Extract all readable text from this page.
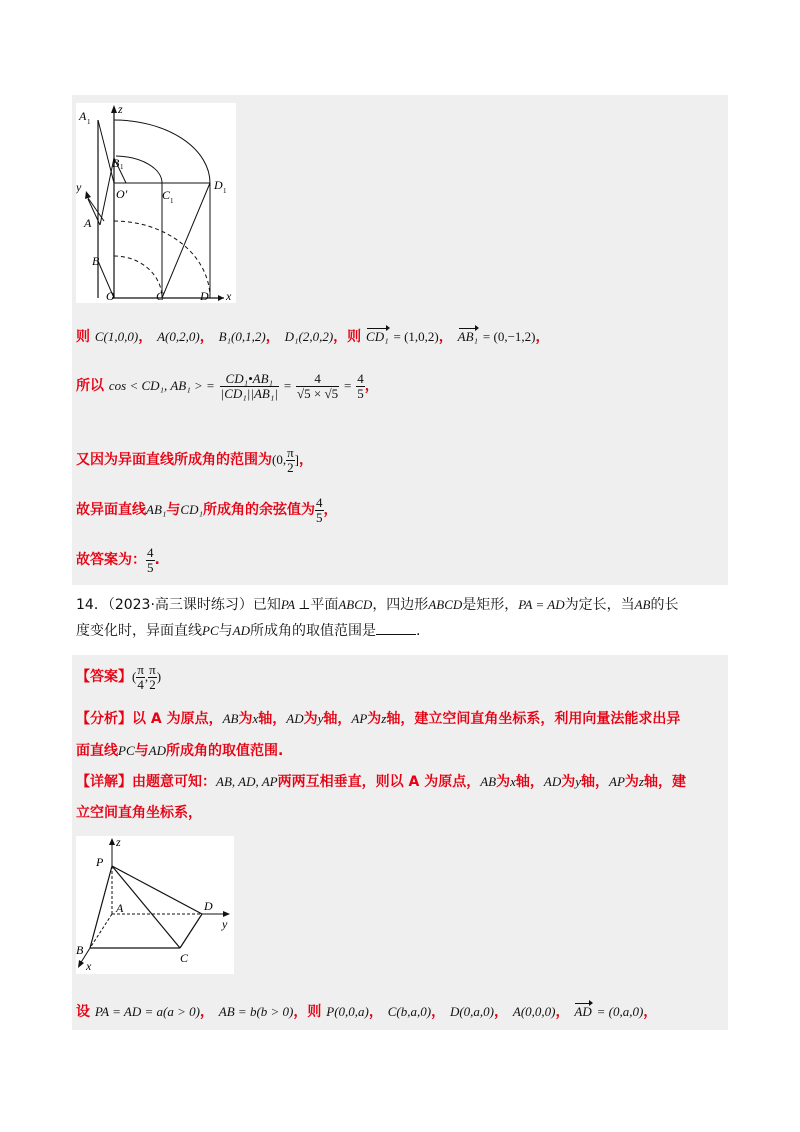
A 1
z
B 1
O′	C 1
D 1
y
A
B
O	C	D x
则 C(1,0,0)， A(0,2,0)， B₁(0,1,2)， D₁(2,0,2)，则 CD₁ = (1,0,2)， AB₁ = (0,−1,2)，
所以 cos < CD₁, AB₁ > = $\frac{\text{CD₁•AB₁}}{\text{|CD₁||AB₁|}} = \frac{4}{√5 \times √5} = \frac{4}{5}$ ，
又因为异面直线所成角的范围为(0, $\frac{\pi}{2}$ ]，
故异面直线AB₁与CD₁所成角的余弦值为 $\frac{4}{5}$ ，
故答案为： $\frac{4}{5}$ .
14．（2023·高三课时练习）已知PA ⊥平面ABCD，四边形ABCD是矩形，PA = AD为定长，当AB的长
度变化时，异面直线PC与AD所成角的取值范围是	.
【答案】( $\frac{\pi}{4}$ , $\frac{\pi}{2}$ )
【分析】以 A 为原点，AB为x轴，AD为y轴，AP为z轴，建立空间直角坐标系，利用向量法能求出异
面直线PC与AD所成角的取值范围.
【详解】由题意可知：AB, AD, AP两两互相垂直，则以 A 为原点，AB为x轴，AD为y轴，AP为z轴，建
立空间直角坐标系，
z
P
A	D
y
B
C
x
设 PA = AD = a(a > 0)， AB = b(b > 0)，则 P(0,0,a)， C(b,a,0)， D(0,a,0)， A(0,0,0)， AD = (0,a,0)，
